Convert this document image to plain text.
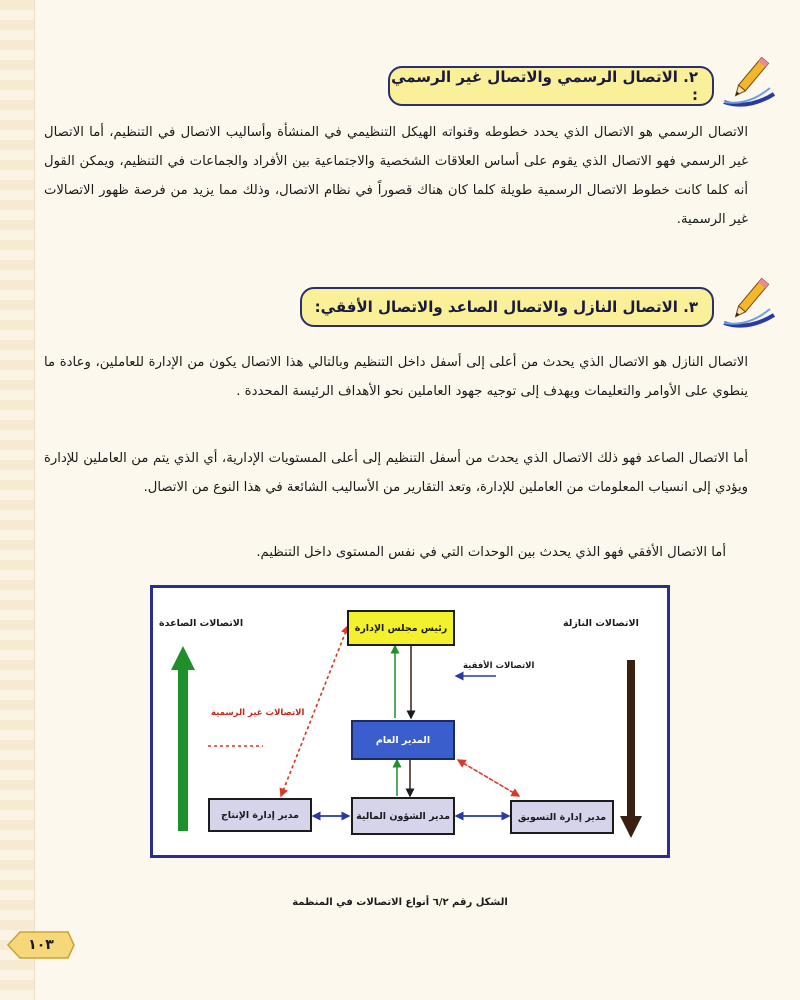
٢. الاتصال الرسمي والاتصال غير الرسمي :

الاتصال الرسمي هو الاتصال الذي يحدد خطوطه وقنواته الهيكل التنظيمي في المنشأة وأساليب الاتصال في التنظيم، أما الاتصال غير الرسمي فهو الاتصال الذي يقوم على أساس العلاقات الشخصية والاجتماعية بين الأفراد والجماعات في التنظيم، ويمكن القول أنه كلما كانت خطوط الاتصال الرسمية طويلة كلما كان هناك قصوراً في نظام الاتصال، وذلك مما يزيد من فرصة ظهور الاتصالات غير الرسمية.

٣. الاتصال النازل والاتصال الصاعد والاتصال الأفقي:

الاتصال النازل هو الاتصال الذي يحدث من أعلى إلى أسفل داخل التنظيم وبالتالي هذا الاتصال يكون من الإدارة للعاملين، وعادة ما ينطوي على الأوامر والتعليمات ويهدف إلى توجيه جهود العاملين نحو الأهداف الرئيسة المحددة .

أما الاتصال الصاعد فهو ذلك الاتصال الذي يحدث من أسفل التنظيم إلى أعلى المستويات الإدارية، أي الذي يتم من العاملين للإدارة ويؤدي إلى انسياب المعلومات من العاملين للإدارة، وتعد التقارير من الأساليب الشائعة في هذا النوع من الاتصال.

أما الاتصال الأفقي فهو الذي يحدث بين الوحدات التي في نفس المستوى داخل التنظيم.

الاتصالات الصاعدة	الاتصالات النازلة
الاتصالات الأفقية
الاتصالات غير الرسمية
رئيس مجلس الإدارة
المدير العام
مدير الشؤون المالية	مدير إدارة التسويق
مدير إدارة الإنتاج
الشكل رقم ٦/٢ أنواع الاتصالات في المنظمة
١٠٣
